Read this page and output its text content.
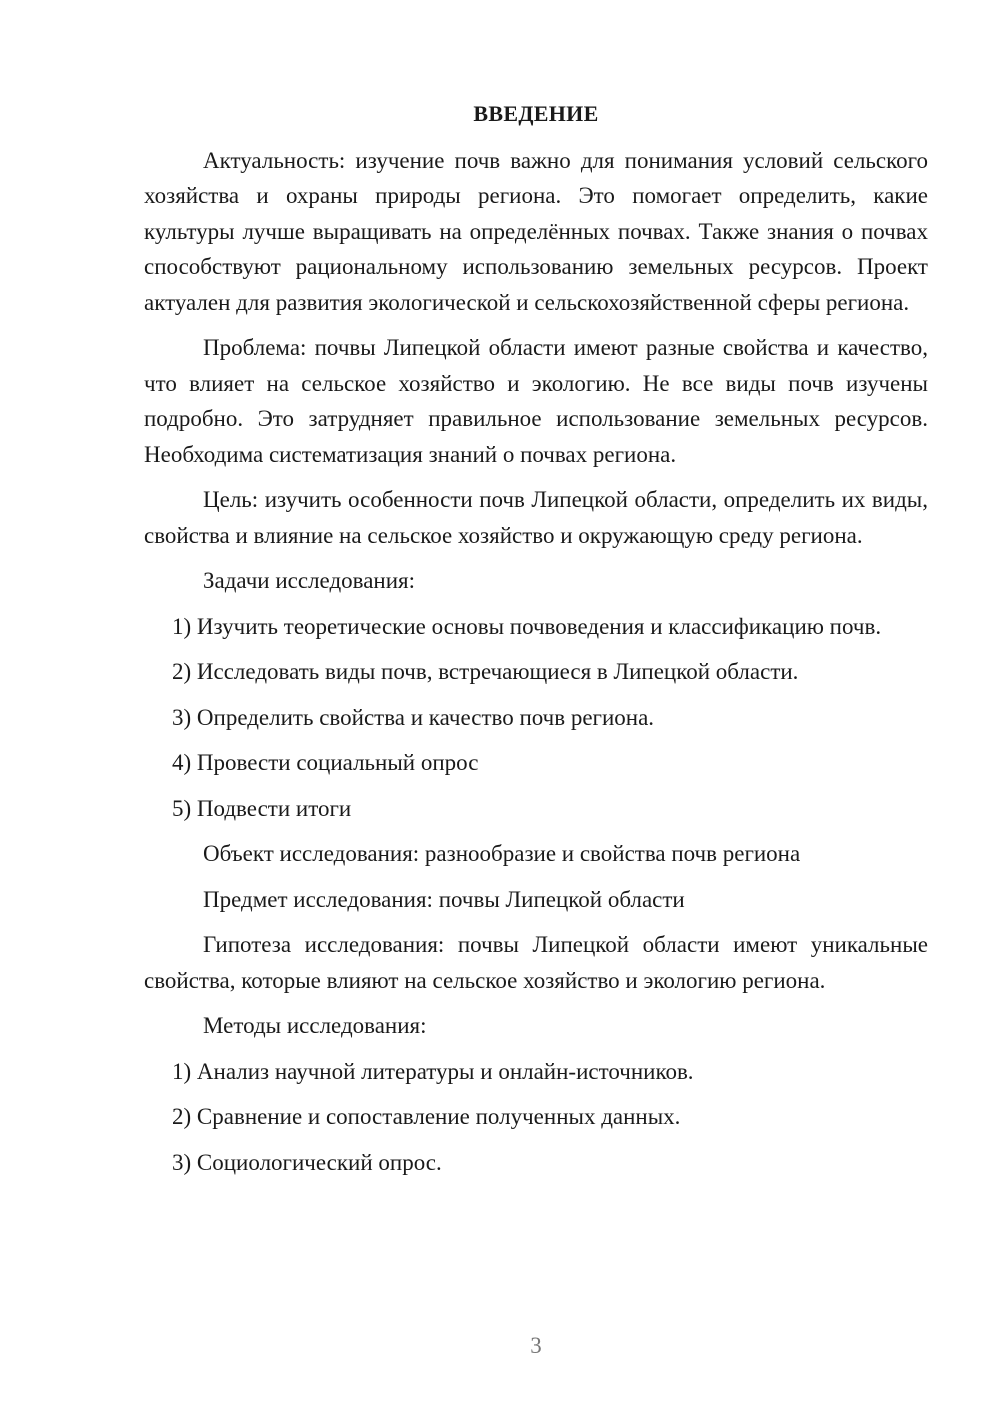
ВВЕДЕНИЕ

Актуальность: изучение почв важно для понимания условий сельского хозяйства и охраны природы региона. Это помогает определить, какие культуры лучше выращивать на определённых почвах. Также знания о почвах способствуют рациональному использованию земельных ресурсов. Проект актуален для развития экологической и сельскохозяйственной сферы региона.

Проблема: почвы Липецкой области имеют разные свойства и качество, что влияет на сельское хозяйство и экологию. Не все виды почв изучены подробно. Это затрудняет правильное использование земельных ресурсов. Необходима систематизация знаний о почвах региона.

Цель: изучить особенности почв Липецкой области, определить их виды, свойства и влияние на сельское хозяйство и окружающую среду региона.

Задачи исследования:

1) Изучить теоретические основы почвоведения и классификацию почв.

2) Исследовать виды почв, встречающиеся в Липецкой области.

3) Определить свойства и качество почв региона.

4) Провести социальный опрос

5) Подвести итоги

Объект исследования: разнообразие и свойства почв региона

Предмет исследования: почвы Липецкой области

Гипотеза исследования: почвы Липецкой области имеют уникальные свойства, которые влияют на сельское хозяйство и экологию региона.

Методы исследования:

1) Анализ научной литературы и онлайн-источников.

2) Сравнение и сопоставление полученных данных.

3) Социологический опрос.

3
